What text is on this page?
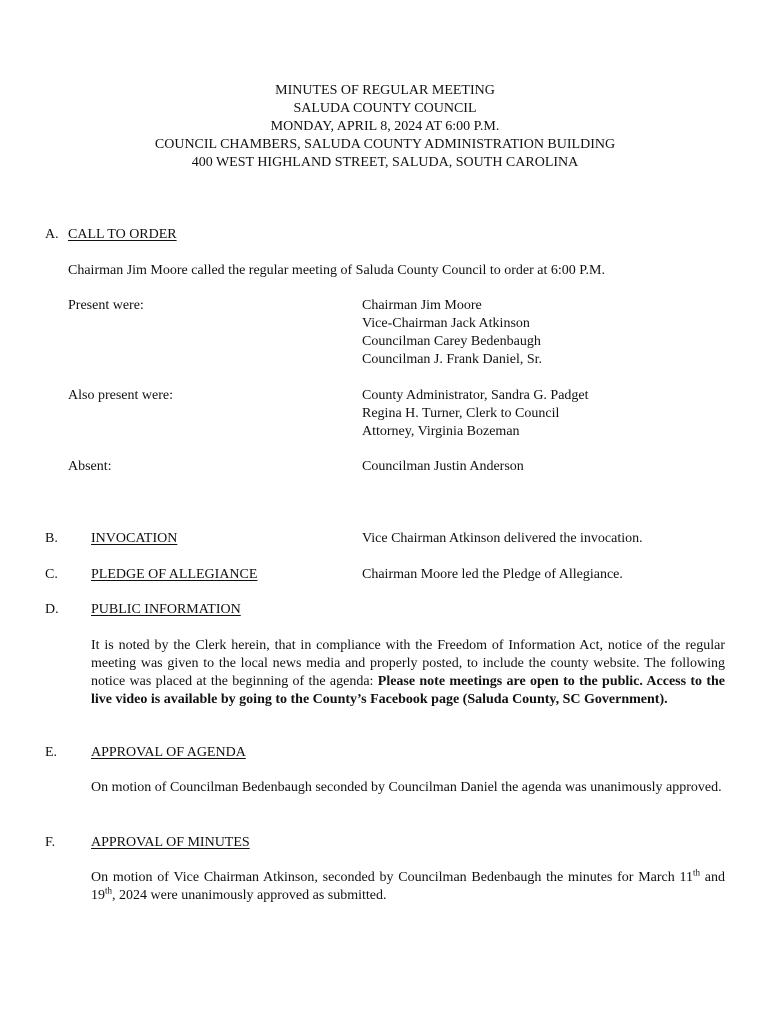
MINUTES OF REGULAR MEETING
SALUDA COUNTY COUNCIL
MONDAY, APRIL 8, 2024 AT 6:00 P.M.
COUNCIL CHAMBERS, SALUDA COUNTY ADMINISTRATION BUILDING
400 WEST HIGHLAND STREET, SALUDA, SOUTH CAROLINA
A. CALL TO ORDER
Chairman Jim Moore called the regular meeting of Saluda County Council to order at 6:00 P.M.
Present were:	Chairman Jim Moore
Vice-Chairman Jack Atkinson
Councilman Carey Bedenbaugh
Councilman J. Frank Daniel, Sr.
Also present were:	County Administrator, Sandra G. Padget
Regina H. Turner, Clerk to Council
Attorney, Virginia Bozeman
Absent:	Councilman Justin Anderson
B. INVOCATION	Vice Chairman Atkinson delivered the invocation.
C. PLEDGE OF ALLEGIANCE	Chairman Moore led the Pledge of Allegiance.
D. PUBLIC INFORMATION
It is noted by the Clerk herein, that in compliance with the Freedom of Information Act, notice of the regular meeting was given to the local news media and properly posted, to include the county website. The following notice was placed at the beginning of the agenda: Please note meetings are open to the public. Access to the live video is available by going to the County’s Facebook page (Saluda County, SC Government).
E. APPROVAL OF AGENDA
On motion of Councilman Bedenbaugh seconded by Councilman Daniel the agenda was unanimously approved.
F.	APPROVAL OF MINUTES
On motion of Vice Chairman Atkinson, seconded by Councilman Bedenbaugh the minutes for March 11th and 19th, 2024 were unanimously approved as submitted.
